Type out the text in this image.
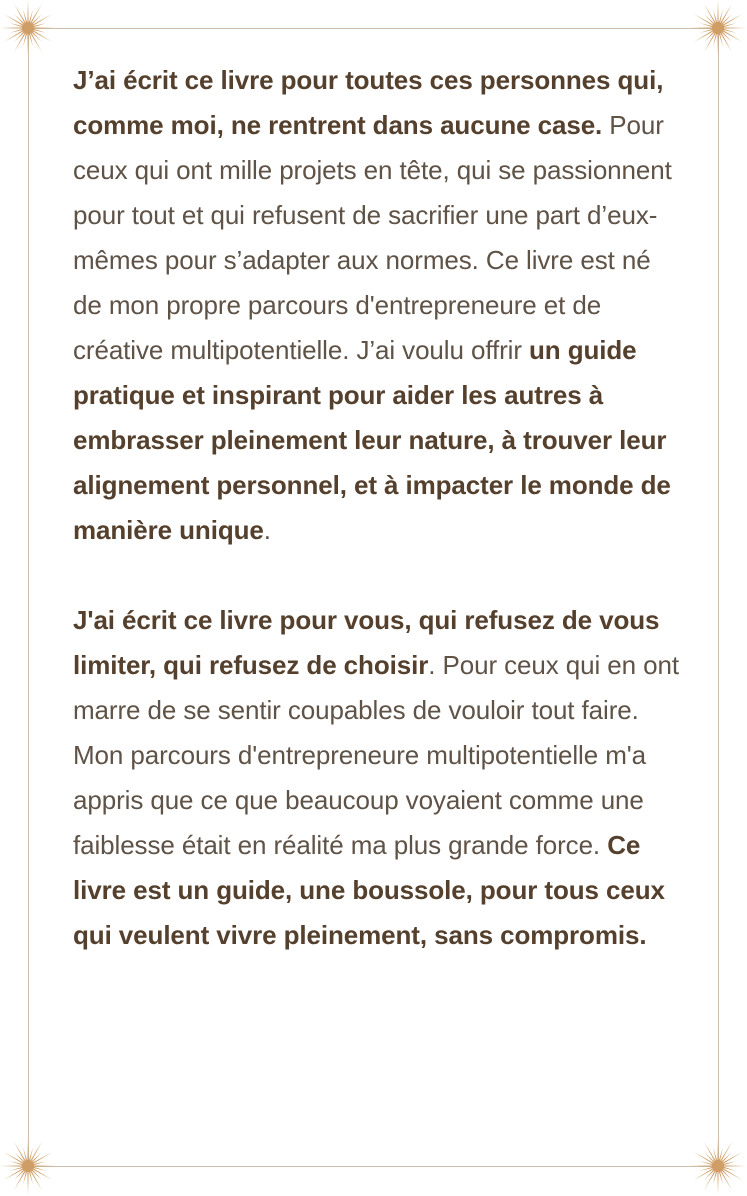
J’ai écrit ce livre pour toutes ces personnes qui, comme moi, ne rentrent dans aucune case. Pour ceux qui ont mille projets en tête, qui se passionnent pour tout et qui refusent de sacrifier une part d’eux-mêmes pour s’adapter aux normes. Ce livre est né de mon propre parcours d'entrepreneure et de créative multipotentielle. J’ai voulu offrir un guide pratique et inspirant pour aider les autres à embrasser pleinement leur nature, à trouver leur alignement personnel, et à impacter le monde de manière unique.

J'ai écrit ce livre pour vous, qui refusez de vous limiter, qui refusez de choisir. Pour ceux qui en ont marre de se sentir coupables de vouloir tout faire. Mon parcours d'entrepreneure multipotentielle m'a appris que ce que beaucoup voyaient comme une faiblesse était en réalité ma plus grande force. Ce livre est un guide, une boussole, pour tous ceux qui veulent vivre pleinement, sans compromis.
